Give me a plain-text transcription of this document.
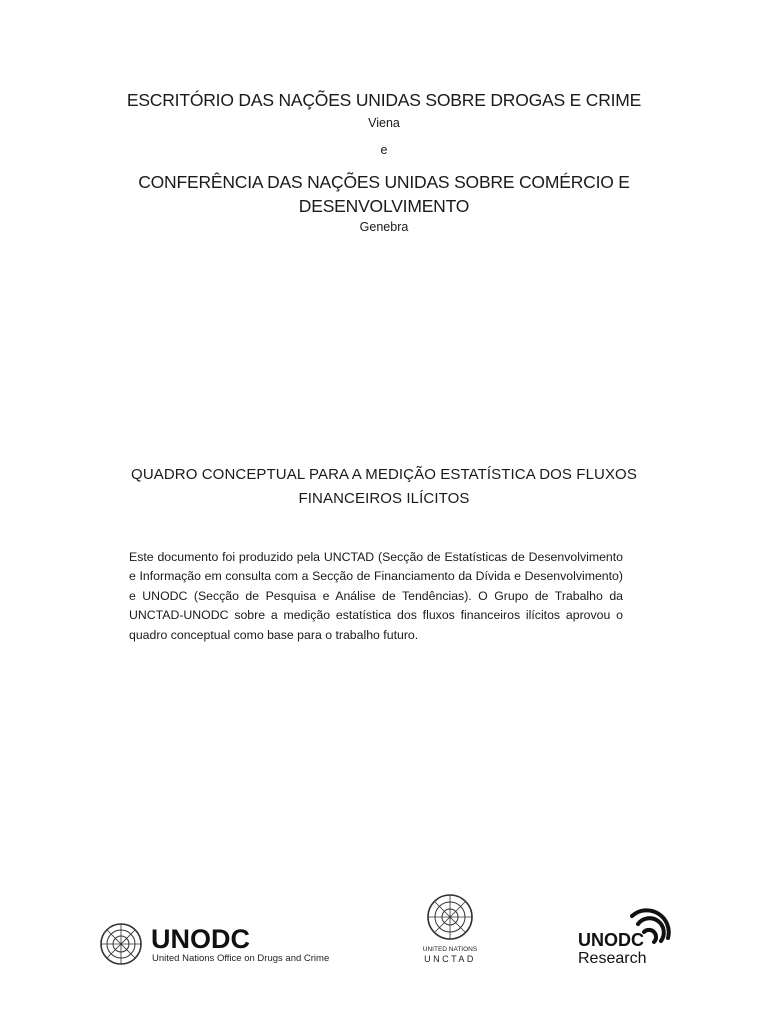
ESCRITÓRIO DAS NAÇÕES UNIDAS SOBRE DROGAS E CRIME
Viena
e
CONFERÊNCIA DAS NAÇÕES UNIDAS SOBRE COMÉRCIO E
DESENVOLVIMENTO
Genebra
QUADRO CONCEPTUAL PARA A MEDIÇÃO ESTATÍSTICA DOS FLUXOS
FINANCEIROS ILÍCITOS
Este documento foi produzido pela UNCTAD (Secção de Estatísticas de Desenvolvimento e Informação em consulta com a Secção de Financiamento da Dívida e Desenvolvimento) e UNODC (Secção de Pesquisa e Análise de Tendências). O Grupo de Trabalho da UNCTAD-UNODC sobre a medição estatística dos fluxos financeiros ilícitos aprovou o quadro conceptual como base para o trabalho futuro.
UNODC
United Nations Office on Drugs and Crime
UNITED NATIONS
UNCTAD
UNODC
Research
